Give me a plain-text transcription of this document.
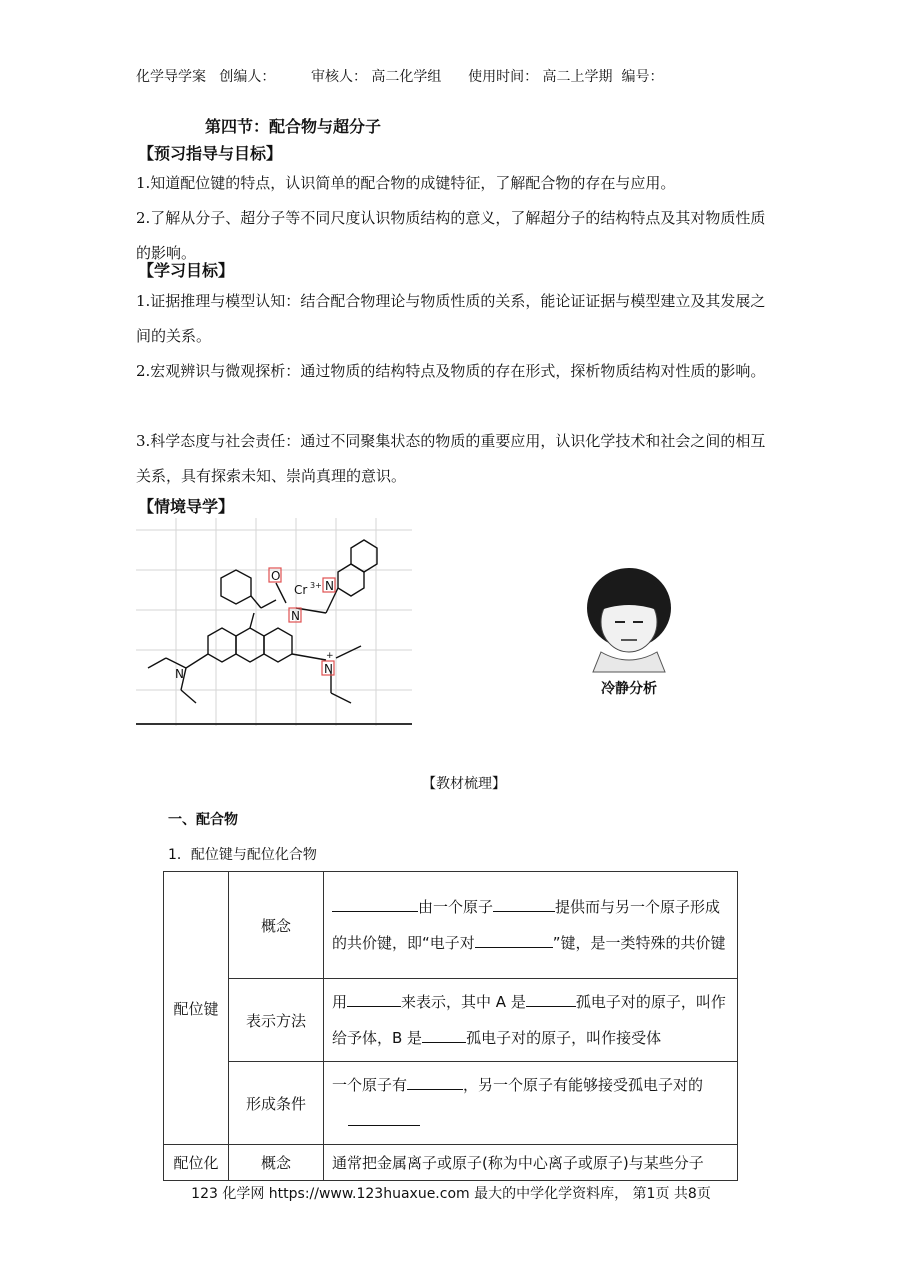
化学导学案   创编人：        审核人： 高二化学组      使用时间： 高二上学期  编号：
第四节：配合物与超分子
【预习指导与目标】
1.知道配位键的特点，认识简单的配合物的成键特征，了解配合物的存在与应用。
2.了解从分子、超分子等不同尺度认识物质结构的意义，了解超分子的结构特点及其对物质性质的影响。
【学习目标】
1.证据推理与模型认知：结合配合物理论与物质性质的关系，能论证证据与模型建立及其发展之间的关系。
2.宏观辨识与微观探析：通过物质的结构特点及物质的存在形式，探析物质结构对性质的影响。
3.科学态度与社会责任：通过不同聚集状态的物质的重要应用，认识化学技术和社会之间的相互关系，具有探索未知、崇尚真理的意识。
【情境导学】
O
Cr 3+
N
N
N
N
+
冷静分析
【教材梳理】
一、配合物
1．配位键与配位化合物
配位键	概念	由一个原子 提供而与另一个原子形成的共价键，即“电子对 ”键，是一类特殊的共价键
	表示方法	用 来表示，其中 A 是 孤电子对的原子，叫作给予体，B 是 孤电子对的原子，叫作接受体
	形成条件	一个原子有 ，另一个原子有能够接受孤电子对的

配位化	概念	通常把金属离子或原子(称为中心离子或原子)与某些分子
123 化学网 https://www.123huaxue.com 最大的中学化学资料库， 第1页 共8页
